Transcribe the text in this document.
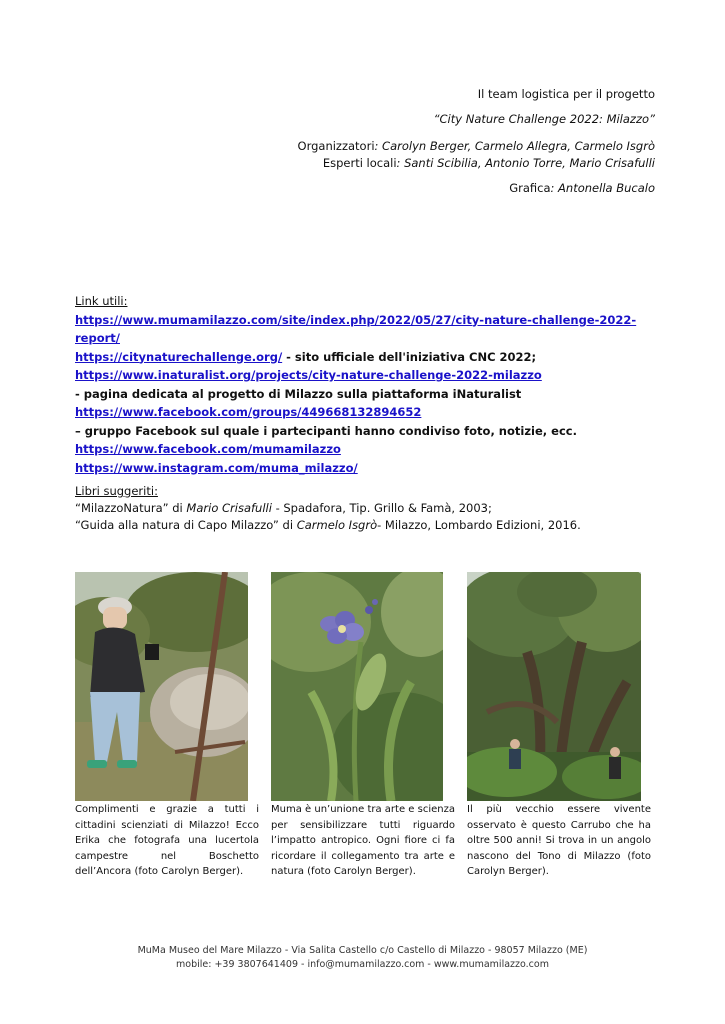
Il team logistica per il progetto

“City Nature Challenge 2022: Milazzo”

Organizzatori: Carolyn Berger, Carmelo Allegra, Carmelo Isgrò

Esperti locali: Santi Scibilia, Antonio Torre, Mario Crisafulli

Grafica: Antonella Bucalo

Link utili:
https://www.mumamilazzo.com/site/index.php/2022/05/27/city-nature-challenge-2022-report/
https://citynaturechallenge.org/ - sito ufficiale dell'iniziativa CNC 2022;
https://www.inaturalist.org/projects/city-nature-challenge-2022-milazzo
- pagina dedicata al progetto di Milazzo sulla piattaforma iNaturalist
https://www.facebook.com/groups/449668132894652
– gruppo Facebook sul quale i partecipanti hanno condiviso foto, notizie, ecc.
https://www.facebook.com/mumamilazzo
https://www.instagram.com/muma_milazzo/
Libri suggeriti:
“MilazzoNatura” di Mario Crisafulli - Spadafora, Tip. Grillo & Famà, 2003;
“Guida alla natura di Capo Milazzo” di Carmelo Isgrò- Milazzo, Lombardo Edizioni, 2016.
Complimenti e grazie a tutti i cittadini scienziati di Milazzo! Ecco Erika che fotografa una lucertola campestre nel Boschetto dell’Ancora (foto Carolyn Berger).
Muma è un’unione tra arte e scienza per sensibilizzare tutti riguardo l’impatto antropico. Ogni fiore ci fa ricordare il collegamento tra arte e natura (foto Carolyn Berger).
Il più vecchio essere vivente osservato è questo Carrubo che ha oltre 500 anni! Si trova in un angolo nascono del Tono di Milazzo (foto Carolyn Berger).
MuMa Museo del Mare Milazzo - Via Salita Castello c/o Castello di Milazzo - 98057 Milazzo (ME)
mobile: +39 3807641409 - info@mumamilazzo.com - www.mumamilazzo.com
